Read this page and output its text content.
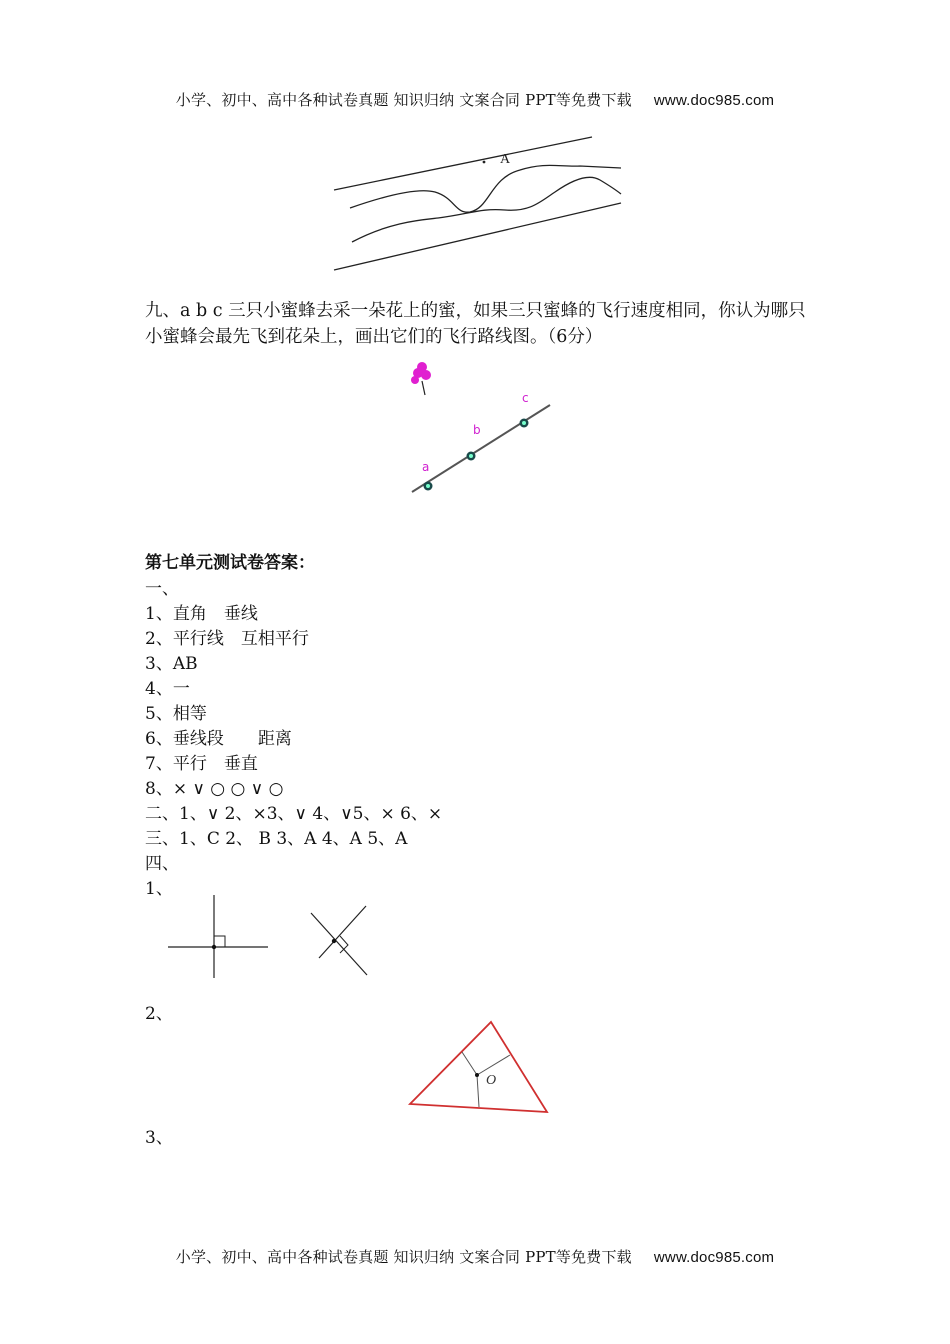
小学、初中、高中各种试卷真题 知识归纳 文案合同 PPT等免费下载 www.doc985.com
A
九、a b c 三只小蜜蜂去采一朵花上的蜜，如果三只蜜蜂的飞行速度相同，你认为哪只小蜜蜂会最先飞到花朵上，画出它们的飞行路线图。（6分）
a
b
c
第七单元测试卷答案：
一、
1、直角　垂线
2、平行线　互相平行
3、AB
4、一
5、相等
6、垂线段　　距离
7、平行　垂直
8、× ∨ ○ ○ ∨ ○
二、1、∨ 2、×3、∨ 4、∨5、× 6、×
三、1、C 2、 B 3、A 4、A 5、A
四、
1、
2、
O
3、
小学、初中、高中各种试卷真题 知识归纳 文案合同 PPT等免费下载 www.doc985.com
